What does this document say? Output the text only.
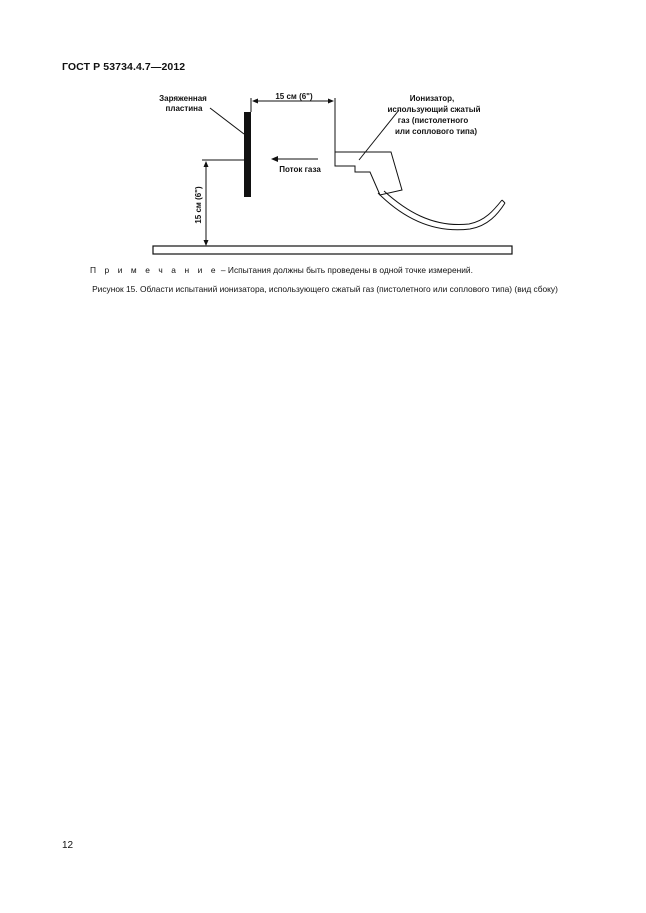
ГОСТ Р 53734.4.7—2012
Заряженная
пластина
15 см (6")
15 см (6")
Поток газа
Ионизатор,
использующий сжатый
газ (пистолетного
или соплового типа)
П р и м е ч а н и е – Испытания должны быть проведены в одной точке измерений.
Рисунок 15. Области испытаний ионизатора, использующего сжатый газ (пистолетного или соплового типа) (вид сбоку)
12
